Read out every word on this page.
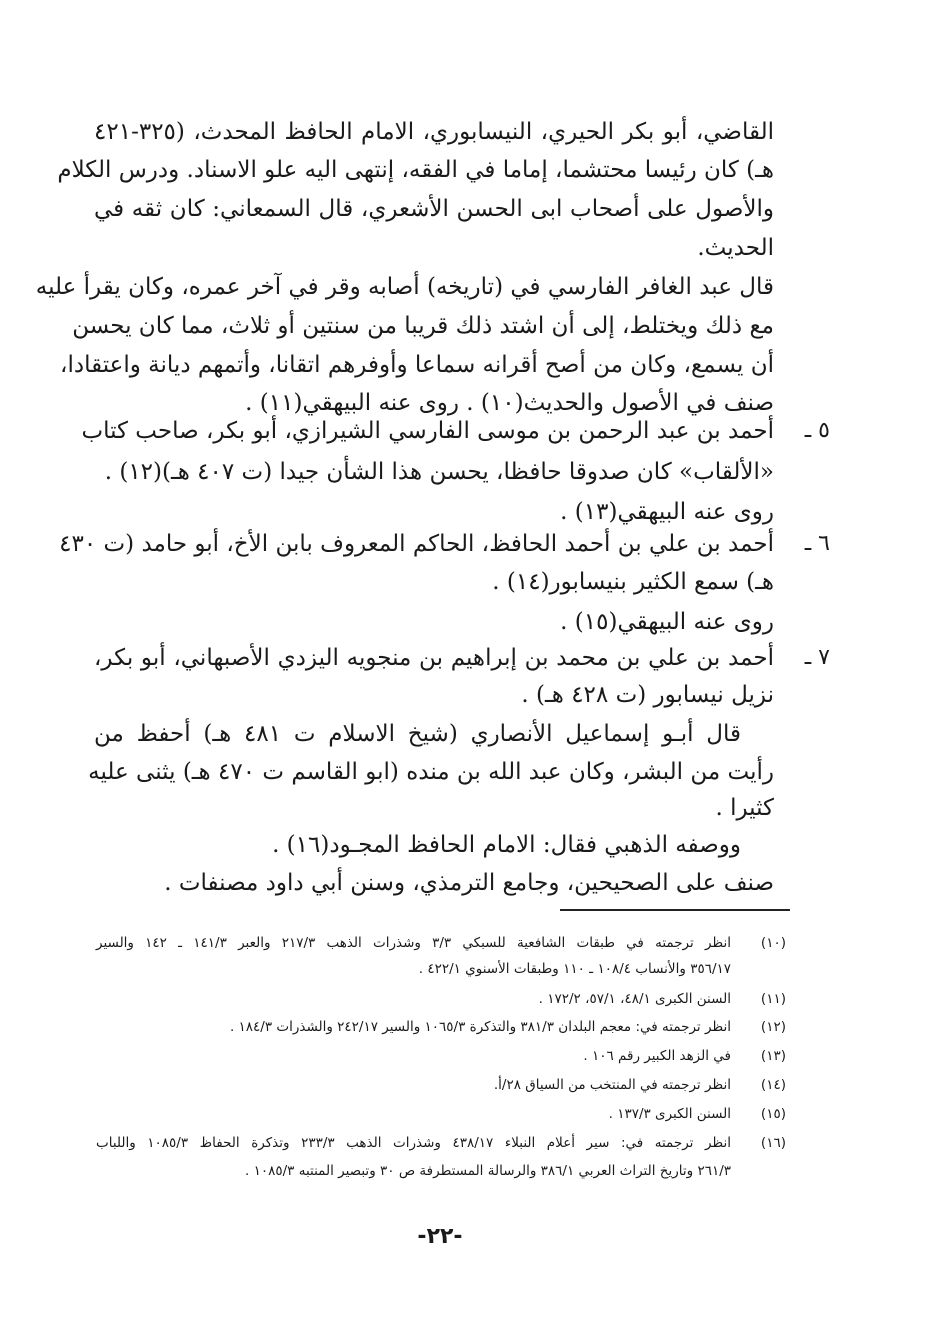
القاضي، أبو بكر الحيري، النيسابوري، الامام الحافظ المحدث، (٣٢٥-٤٢١
هـ) كان رئيسا محتشما، إماما في الفقه، إنتهى اليه علو الاسناد. ودرس الكلام
والأصول على أصحاب ابى الحسن الأشعري، قال السمعاني: كان ثقه في
الحديث.
قال عبد الغافر الفارسي في (تاريخه) أصابه وقر في آخر عمره، وكان يقرأ عليه
مع ذلك ويختلط، إلى أن اشتد ذلك قريبا من سنتين أو ثلاث، مما كان يحسن
أن يسمع، وكان من أصح أقرانه سماعا وأوفرهم اتقانا، وأتمهم ديانة واعتقادا،
صنف في الأصول والحديث(١٠) . روى عنه البيهقي(١١) .
٥ ـ
أحمد بن عبد الرحمن بن موسى الفارسي الشيرازي، أبو بكر، صاحب كتاب
«الألقاب» كان صدوقا حافظا، يحسن هذا الشأن جيدا (ت ٤٠٧ هـ)(١٢) .
روى عنه البيهقي(١٣) .
٦ ـ
أحمد بن علي بن أحمد الحافظ، الحاكم المعروف بابن الأخ، أبو حامد (ت ٤٣٠
هـ) سمع الكثير بنيسابور(١٤) .
روى عنه البيهقي(١٥) .
٧ ـ
أحمد بن علي بن محمد بن إبراهيم بن منجويه اليزدي الأصبهاني، أبو بكر،
نزيل نيسابور (ت ٤٢٨ هـ) .
قال أبـو إسماعيل الأنصاري (شيخ الاسلام ت ٤٨١ هـ) أحفظ من
رأيت من البشر، وكان عبد الله بن منده (ابو القاسم ت ٤٧٠ هـ) يثنى عليه
كثيرا .
ووصفه الذهبي فقال: الامام الحافظ المجـود(١٦) .
صنف على الصحيحين، وجامع الترمذي، وسنن أبي داود مصنفات .
(١٠)
انظر ترجمته في طبقات الشافعية للسبكي ٣/٣ وشذرات الذهب ٢١٧/٣ والعبر ١٤١/٣ ـ ١٤٢ والسير
٣٥٦/١٧ والأنساب ١٠٨/٤ ـ ١١٠ وطبقات الأسنوي ٤٢٢/١ .
(١١)
السنن الكبرى ٤٨/١، ٥٧/١، ١٧٢/٢ .
(١٢)
انظر ترجمته في: معجم البلدان ٣٨١/٣ والتذكرة ١٠٦٥/٣ والسير ٢٤٢/١٧ والشذرات ١٨٤/٣ .
(١٣)
في الزهد الكبير رقم ١٠٦ .
(١٤)
انظر ترجمته في المنتخب من السياق ٢٨/أ.
(١٥)
السنن الكبرى ١٣٧/٣ .
(١٦)
انظر ترجمته في: سير أعلام النبلاء ٤٣٨/١٧ وشذرات الذهب ٢٣٣/٣ وتذكرة الحفاظ ١٠٨٥/٣ واللباب
٢٦١/٣ وتاريخ التراث العربي ٣٨٦/١ والرسالة المستطرفة ص ٣٠ وتبصير المنتبه ١٠٨٥/٣ .
-٢٢-
